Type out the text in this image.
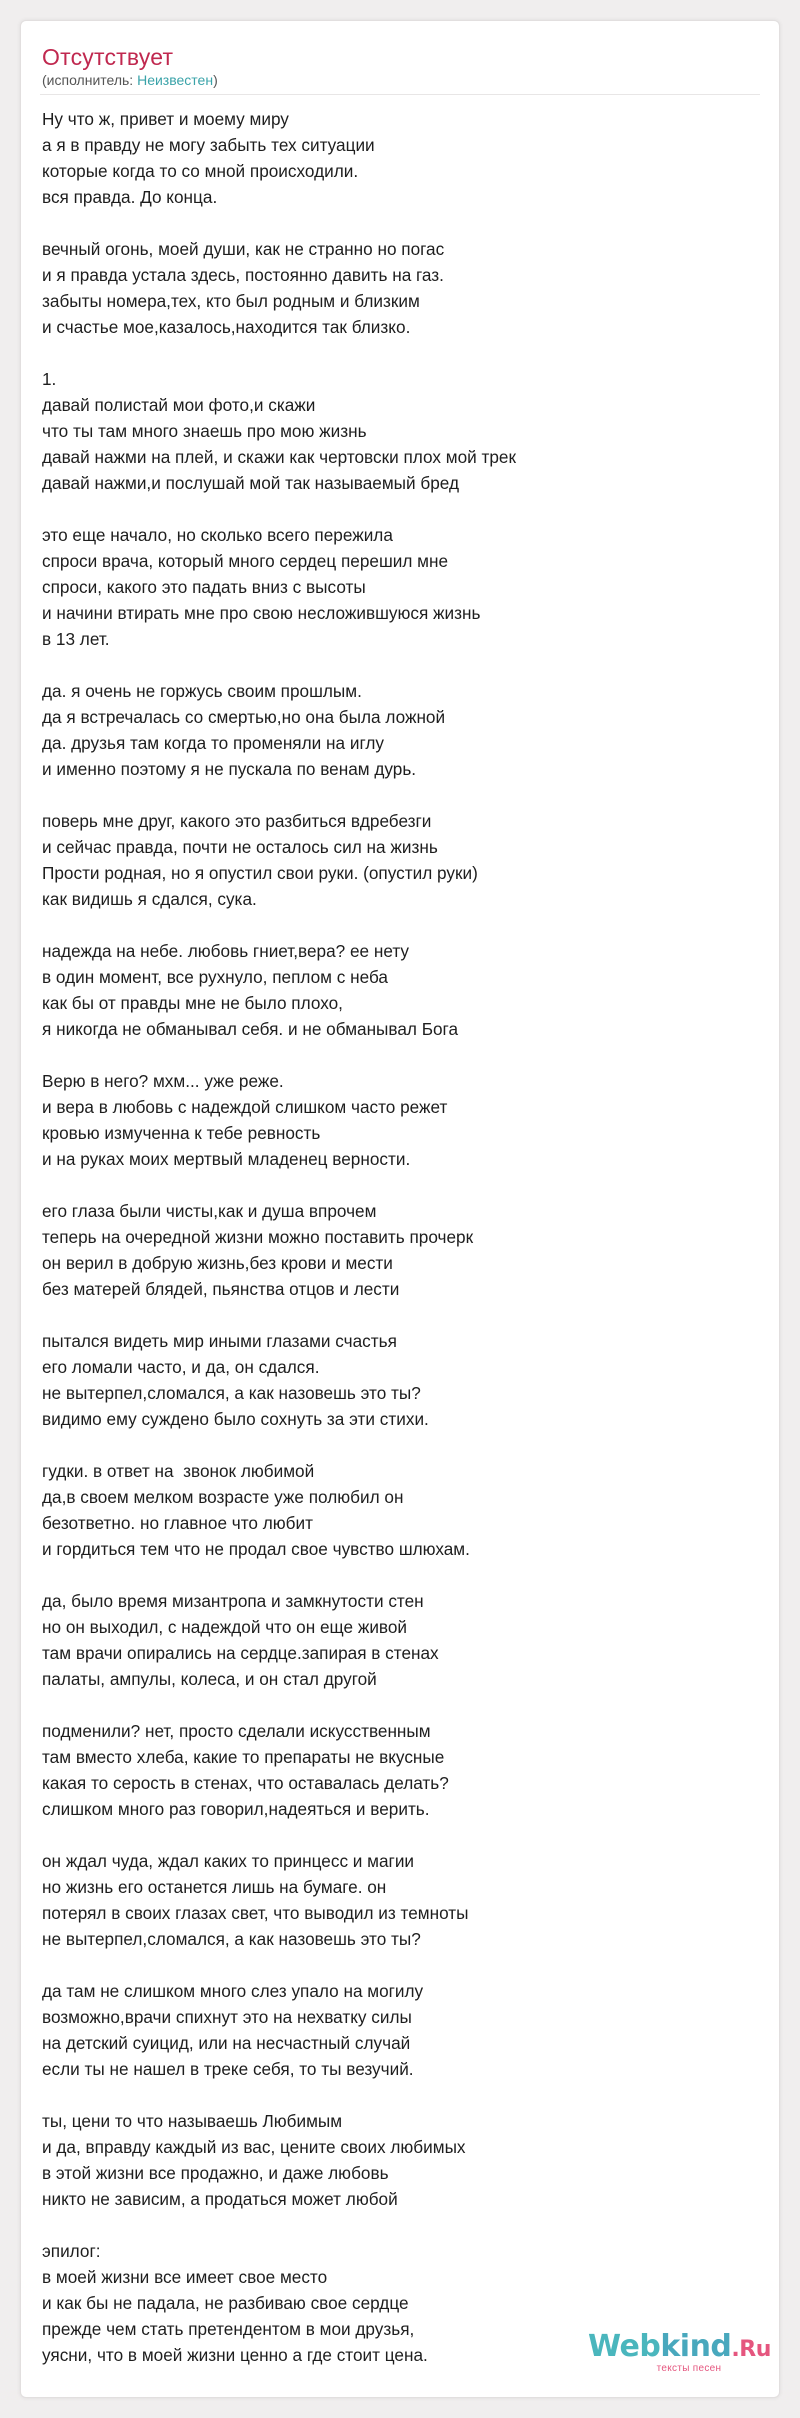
Отсутствует
(исполнитель: Неизвестен)
Ну что ж, привет и моему миру
а я в правду не могу забыть тех ситуации
которые когда то со мной происходили.
вся правда. До конца.
вечный огонь, моей души, как не странно но погас
и я правда устала здесь, постоянно давить на газ.
забыты номера,тех, кто был родным и близким
и счастье мое,казалось,находится так близко.
1.
давай полистай мои фото,и скажи
что ты там много знаешь про мою жизнь
давай нажми на плей, и скажи как чертовски плох мой трек
давай нажми,и послушай мой так называемый бред
это еще начало, но сколько всего пережила
спроси врача, который много сердец перешил мне
спроси, какого это падать вниз с высоты
и начини втирать мне про свою несложившуюся жизнь
в 13 лет.
да. я очень не горжусь своим прошлым.
да я встречалась со смертью,но она была ложной
да. друзья там когда то променяли на иглу
и именно поэтому я не пускала по венам дурь.
поверь мне друг, какого это разбиться вдребезги
и сейчас правда, почти не осталось сил на жизнь
Прости родная, но я опустил свои руки. (опустил руки)
как видишь я сдался, сука.
надежда на небе. любовь гниет,вера? ее нету
в один момент, все рухнуло, пеплом с неба
как бы от правды мне не было плохо,
я никогда не обманывал себя. и не обманывал Бога
Верю в него? мхм... уже реже.
и вера в любовь с надеждой слишком часто режет
кровью измученна к тебе ревность
и на руках моих мертвый младенец верности.
его глаза были чисты,как и душа впрочем
теперь на очередной жизни можно поставить прочерк
он верил в добрую жизнь,без крови и мести
без матерей блядей, пьянства отцов и лести
пытался видеть мир иными глазами счастья
его ломали часто, и да, он сдался.
не вытерпел,сломался, а как назовешь это ты?
видимо ему суждено было сохнуть за эти стихи.
гудки. в ответ на  звонок любимой
да,в своем мелком возрасте уже полюбил он
безответно. но главное что любит
и гордиться тем что не продал свое чувство шлюхам.
да, было время мизантропа и замкнутости стен
но он выходил, с надеждой что он еще живой
там врачи опирались на сердце.запирая в стенах
палаты, ампулы, колеса, и он стал другой
подменили? нет, просто сделали искусственным
там вместо хлеба, какие то препараты не вкусные
какая то серость в стенах, что оставалась делать?
слишком много раз говорил,надеяться и верить.
он ждал чуда, ждал каких то принцесс и магии
но жизнь его останется лишь на бумаге. он
потерял в своих глазах свет, что выводил из темноты
не вытерпел,сломался, а как назовешь это ты?
да там не слишком много слез упало на могилу
возможно,врачи спихнут это на нехватку силы
на детский суицид, или на несчастный случай
если ты не нашел в треке себя, то ты везучий.
ты, цени то что называешь Любимым
и да, вправду каждый из вас, цените своих любимых
в этой жизни все продажно, и даже любовь
никто не зависим, а продаться может любой
эпилог:
в моей жизни все имеет свое место
и как бы не падала, не разбиваю свое сердце
прежде чем стать претендентом в мои друзья,
уясни, что в моей жизни ценно а где стоит цена.	Webkind.Ru
тексты песен
